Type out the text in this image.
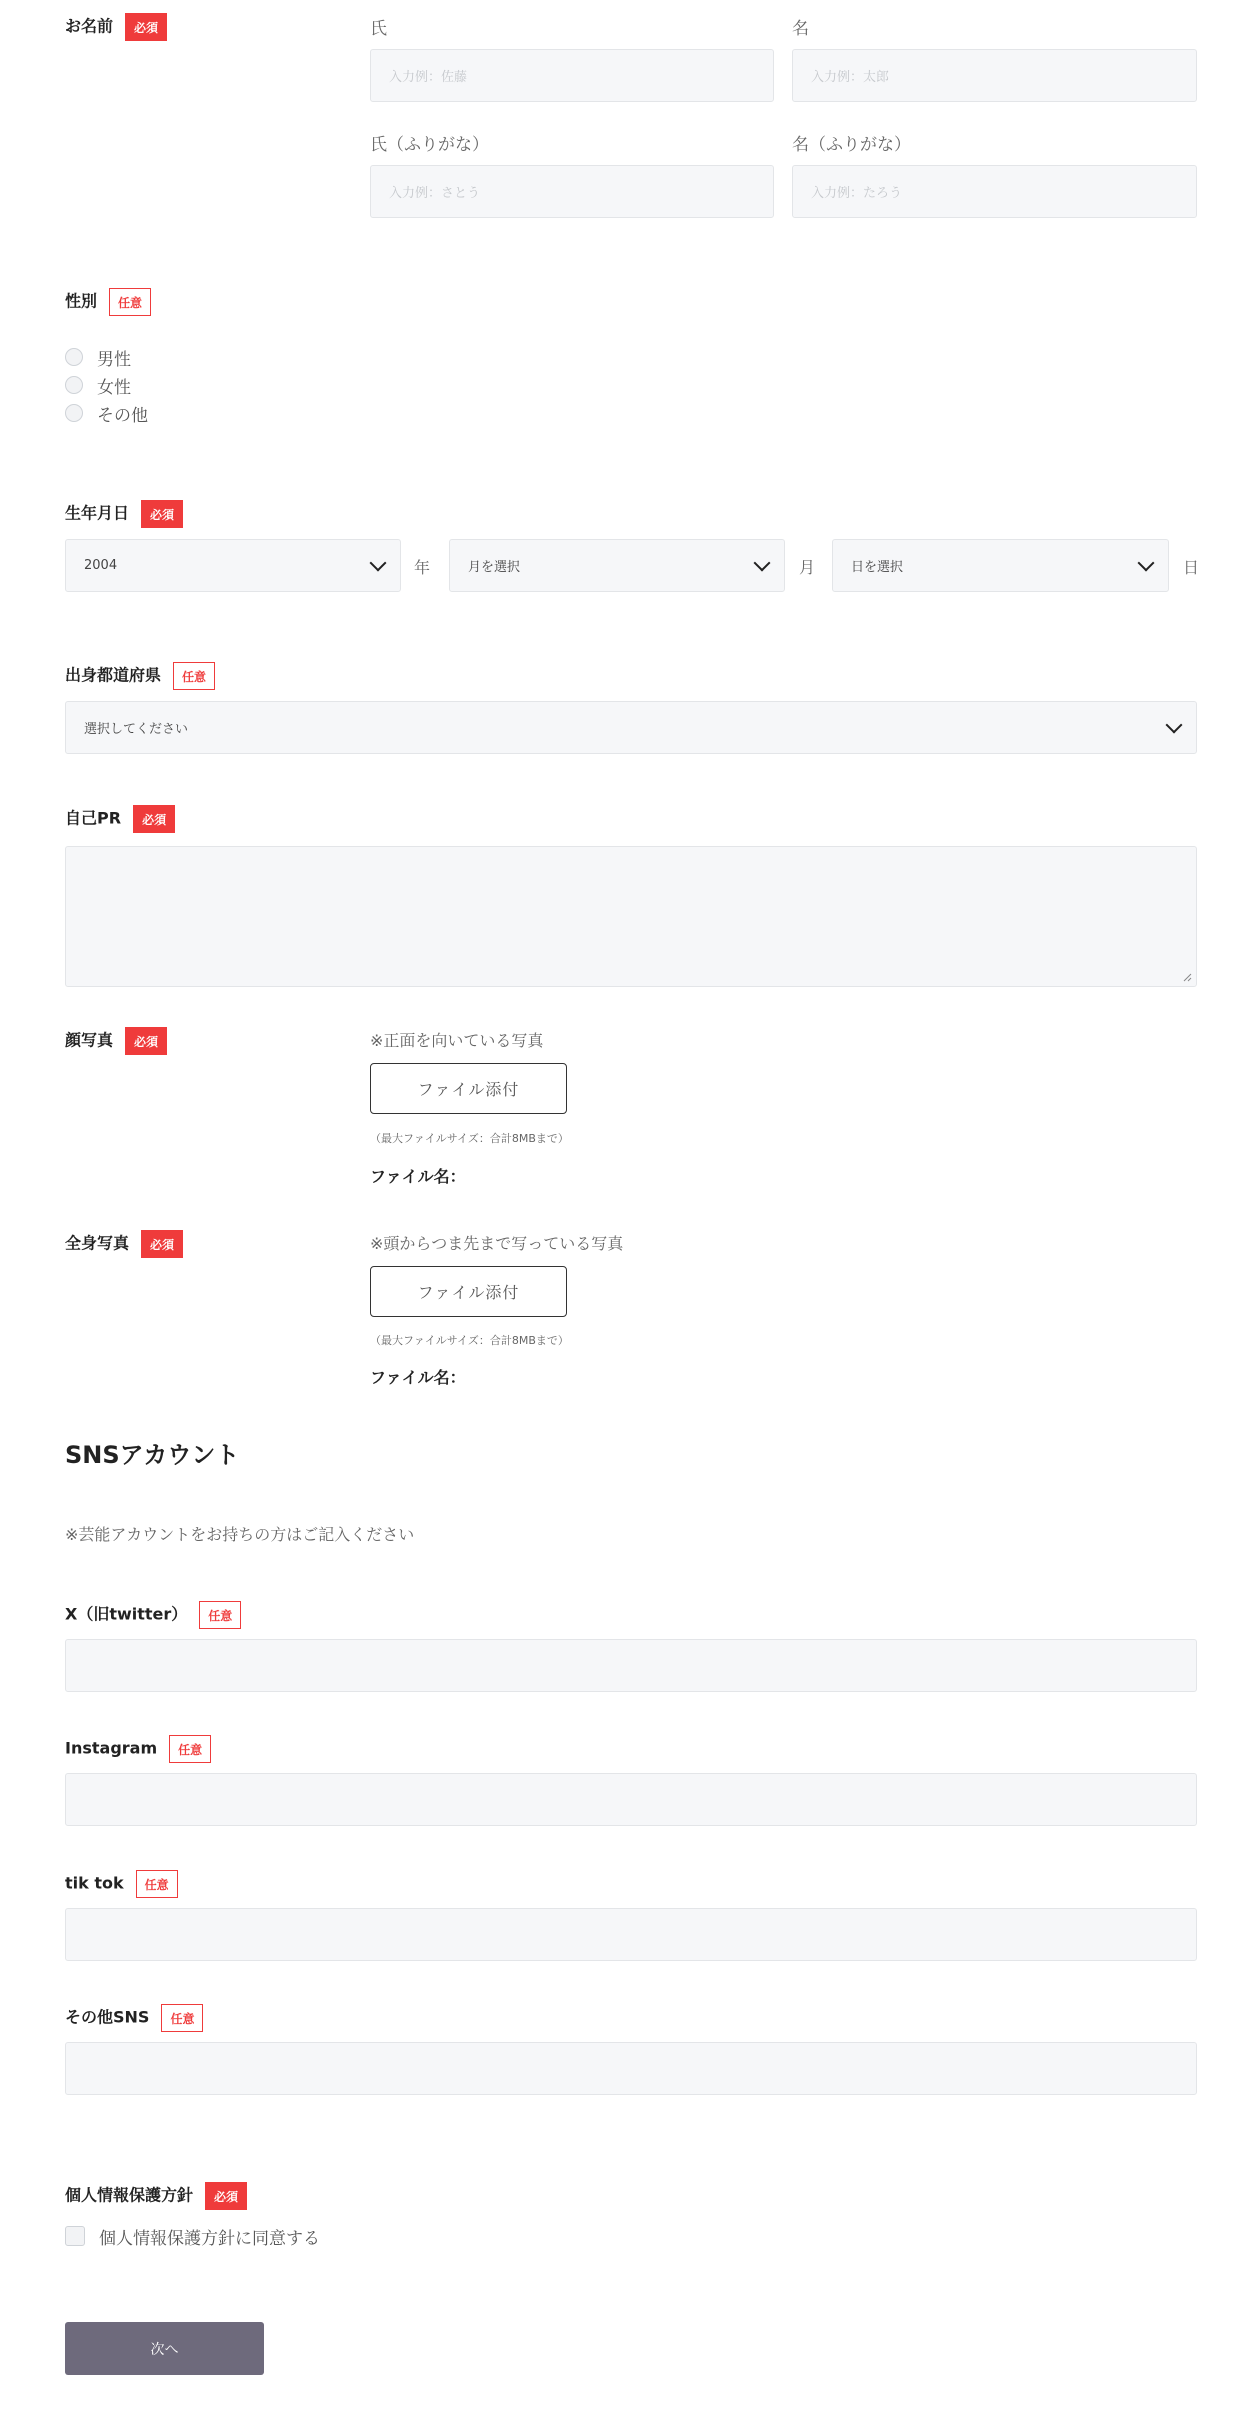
お名前 必須	氏
入力例：佐藤
名
入力例：太郎
氏（ふりがな）
入力例：さとう
名（ふりがな）
入力例：たろう
性別 任意
男性
女性
その他
生年月日 必須
2004	年	月を選択	月	日を選択	日
出身都道府県 任意
選択してください
自己PR 必須
顔写真 必須	※正面を向いている写真
ファイル添付
（最大ファイルサイズ：合計8MBまで）
ファイル名：
全身写真 必須	※頭からつま先まで写っている写真
ファイル添付
（最大ファイルサイズ：合計8MBまで）
ファイル名：
SNSアカウント
※芸能アカウントをお持ちの方はご記入ください
X（旧twitter） 任意
Instagram 任意
tik tok 任意
その他SNS 任意
個人情報保護方針 必須
個人情報保護方針に同意する
次へ
